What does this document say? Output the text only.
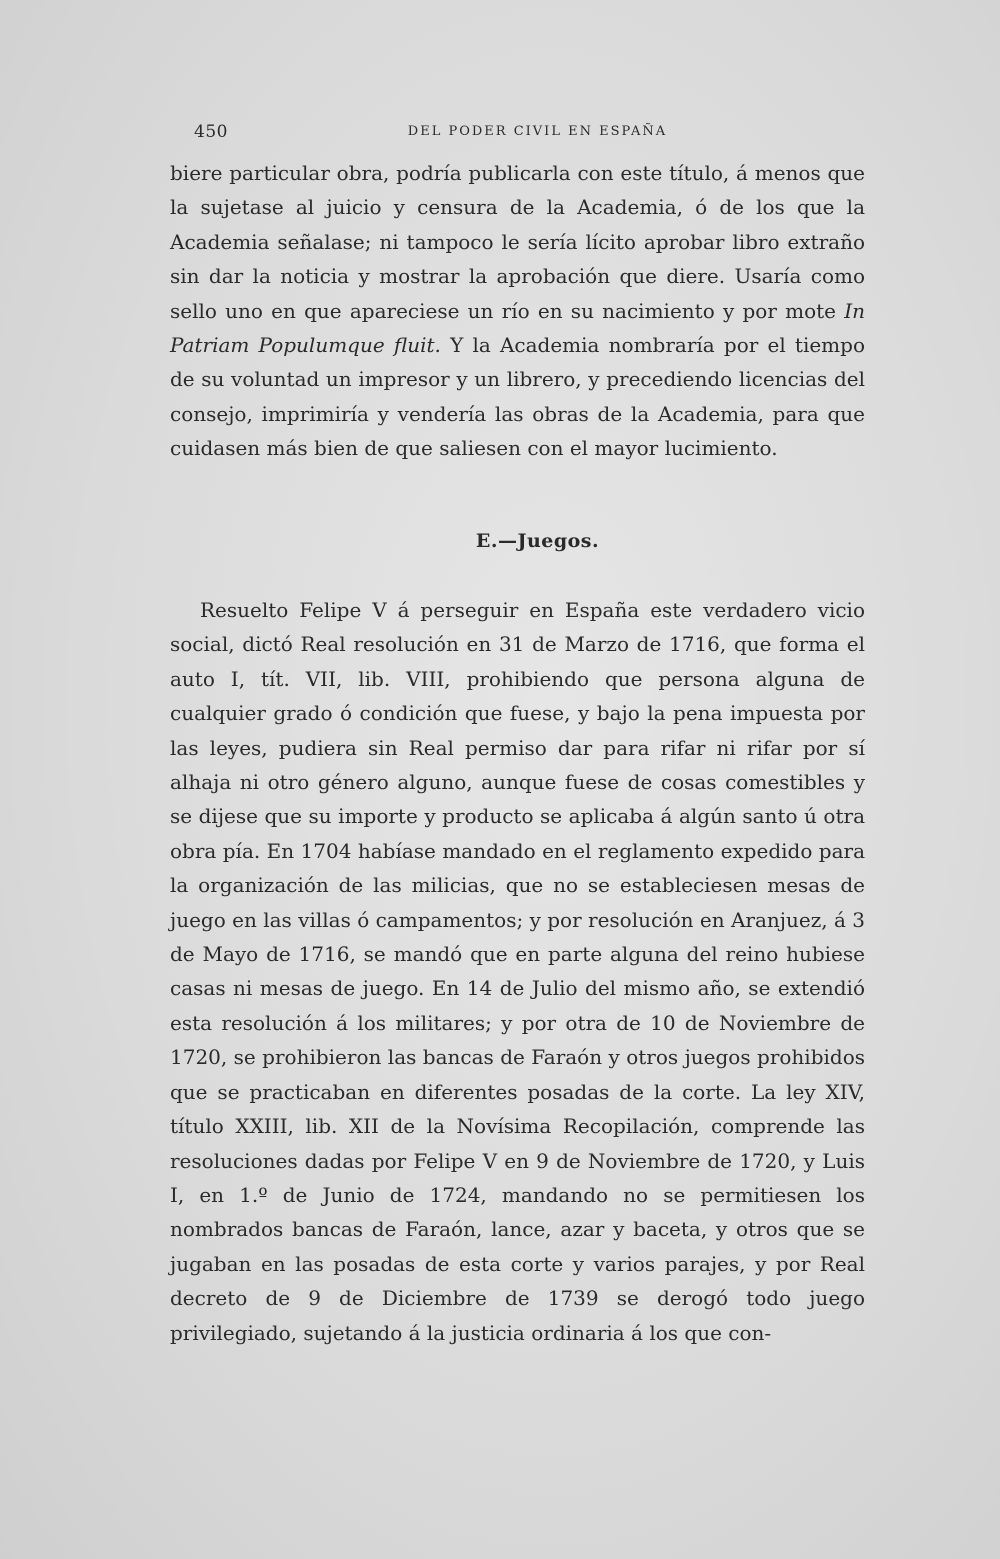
450	DEL PODER CIVIL EN ESPAÑA

biere particular obra, podría publicarla con este título, á menos que la sujetase al juicio y censura de la Academia, ó de los que la Academia señalase; ni tampoco le sería lícito aprobar libro extraño sin dar la noticia y mostrar la aprobación que diere. Usaría como sello uno en que apareciese un río en su nacimiento y por mote In Patriam Populumque fluit. Y la Academia nombraría por el tiempo de su voluntad un impresor y un librero, y precediendo licencias del consejo, imprimiría y vendería las obras de la Academia, para que cuidasen más bien de que saliesen con el mayor lucimiento.

E.—Juegos.

Resuelto Felipe V á perseguir en España este verdadero vicio social, dictó Real resolución en 31 de Marzo de 1716, que forma el auto I, tít. VII, lib. VIII, prohibiendo que persona alguna de cualquier grado ó condición que fuese, y bajo la pena impuesta por las leyes, pudiera sin Real permiso dar para rifar ni rifar por sí alhaja ni otro género alguno, aunque fuese de cosas comestibles y se dijese que su importe y producto se aplicaba á algún santo ú otra obra pía. En 1704 habíase mandado en el reglamento expedido para la organización de las milicias, que no se estableciesen mesas de juego en las villas ó campamentos; y por resolución en Aranjuez, á 3 de Mayo de 1716, se mandó que en parte alguna del reino hubiese casas ni mesas de juego. En 14 de Julio del mismo año, se extendió esta resolución á los militares; y por otra de 10 de Noviembre de 1720, se prohibieron las bancas de Faraón y otros juegos prohibidos que se practicaban en diferentes posadas de la corte. La ley XIV, título XXIII, lib. XII de la Novísima Recopilación, comprende las resoluciones dadas por Felipe V en 9 de Noviembre de 1720, y Luis I, en 1.º de Junio de 1724, mandando no se permitiesen los nombrados bancas de Faraón, lance, azar y baceta, y otros que se jugaban en las posadas de esta corte y varios parajes, y por Real decreto de 9 de Diciembre de 1739 se derogó todo juego privilegiado, sujetando á la justicia ordinaria á los que con-
